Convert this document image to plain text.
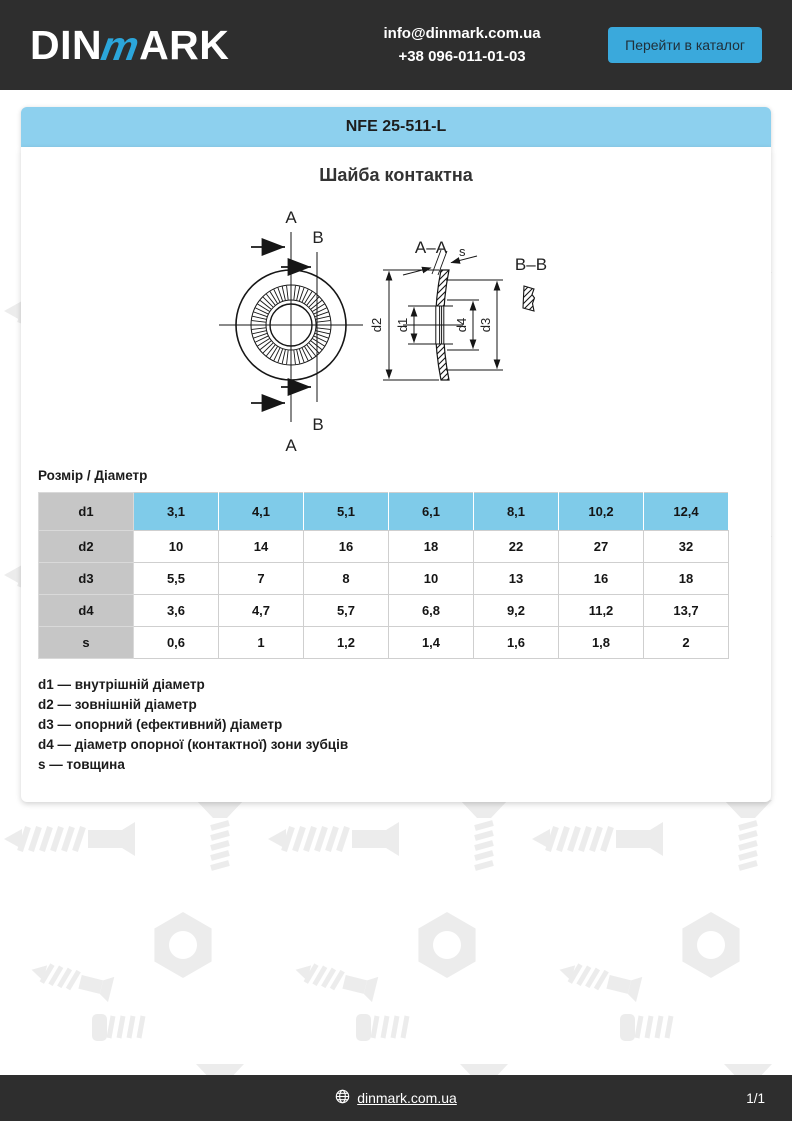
DINmARK	info@dinmark.com.ua
+38 096-011-01-03
Перейти в каталог
NFE 25-511-L
Шайба контактна
A
B
B
A
A–A s
d2 d1	d4 d3
B–B
Розмір / Діаметр
d1	3,1	4,1	5,1	6,1	8,1	10,2	12,4
d2	10	14	16	18	22	27	32
d3	5,5	7	8	10	13	16	18
d4	3,6	4,7	5,7	6,8	9,2	11,2	13,7
s	0,6	1	1,2	1,4	1,6	1,8	2
d1 — внутрішній діаметр
d2 — зовнішній діаметр
d3 — опорний (ефективний) діаметр
d4 — діаметр опорної (контактної) зони зубців
s — товщина
dinmark.com.ua	1/1
